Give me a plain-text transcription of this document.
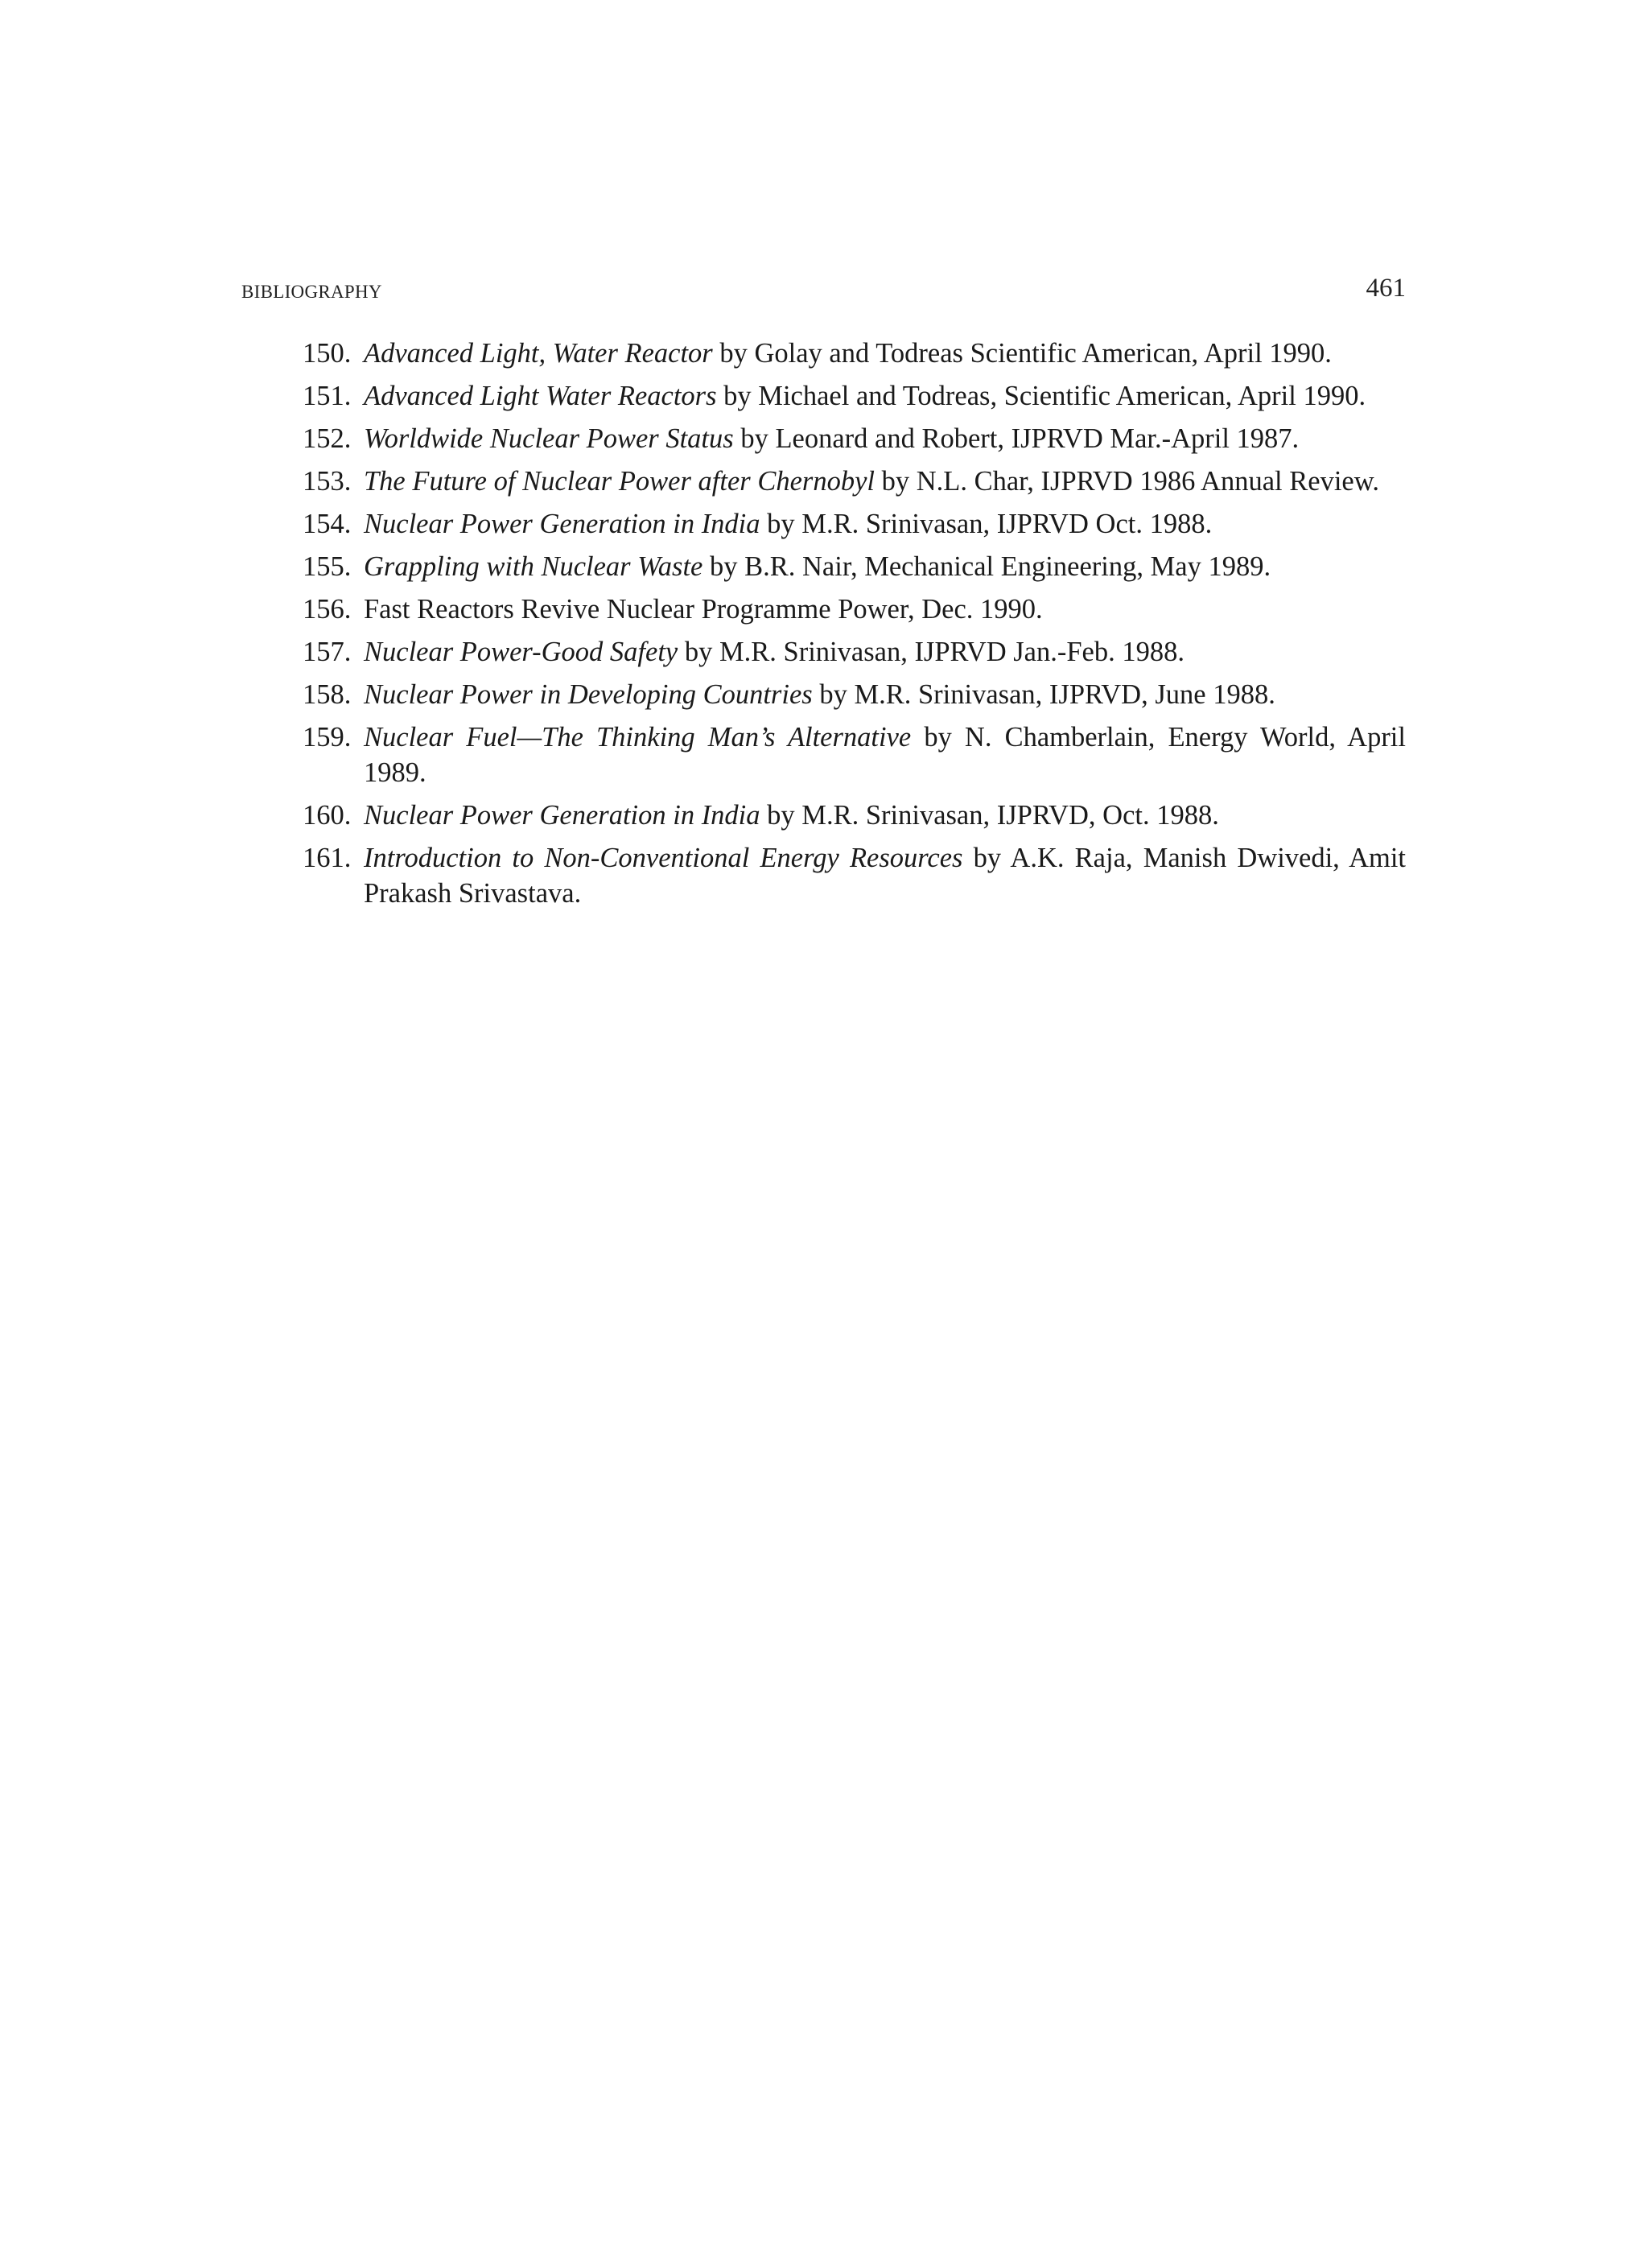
BIBLIOGRAPHY	461
150. Advanced Light, Water Reactor by Golay and Todreas Scientific American, April 1990.
151. Advanced Light Water Reactors by Michael and Todreas, Scientific American, April 1990.
152. Worldwide Nuclear Power Status by Leonard and Robert, IJPRVD Mar.-April 1987.
153. The Future of Nuclear Power after Chernobyl by N.L. Char, IJPRVD 1986 Annual Review.
154. Nuclear Power Generation in India by M.R. Srinivasan, IJPRVD Oct. 1988.
155. Grappling with Nuclear Waste by B.R. Nair, Mechanical Engineering, May 1989.
156. Fast Reactors Revive Nuclear Programme Power, Dec. 1990.
157. Nuclear Power-Good Safety by M.R. Srinivasan, IJPRVD Jan.-Feb. 1988.
158. Nuclear Power in Developing Countries by M.R. Srinivasan, IJPRVD, June 1988.
159. Nuclear Fuel—The Thinking Man’s Alternative by N. Chamberlain, Energy World, April 1989.
160. Nuclear Power Generation in India by M.R. Srinivasan, IJPRVD, Oct. 1988.
161. Introduction to Non-Conventional Energy Resources by A.K. Raja, Manish Dwivedi, Amit Prakash Srivastava.
